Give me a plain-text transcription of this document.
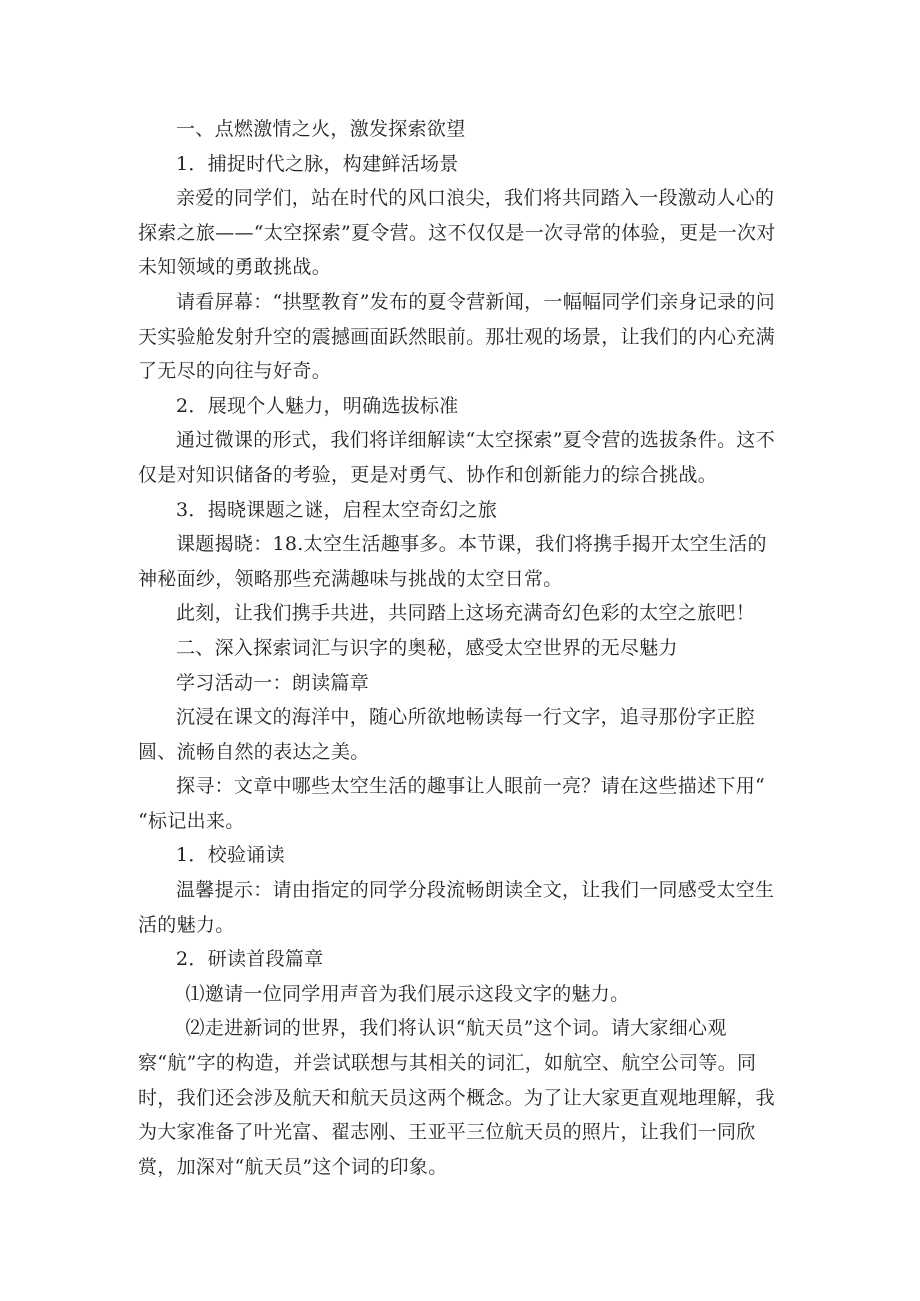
一、点燃激情之火，激发探索欲望

1．捕捉时代之脉，构建鲜活场景

亲爱的同学们，站在时代的风口浪尖，我们将共同踏入一段激动人心的探索之旅——“太空探索”夏令营。这不仅仅是一次寻常的体验，更是一次对未知领域的勇敢挑战。

请看屏幕：“拱墅教育”发布的夏令营新闻，一幅幅同学们亲身记录的问天实验舱发射升空的震撼画面跃然眼前。那壮观的场景，让我们的内心充满了无尽的向往与好奇。

2．展现个人魅力，明确选拔标准

通过微课的形式，我们将详细解读“太空探索”夏令营的选拔条件。这不仅是对知识储备的考验，更是对勇气、协作和创新能力的综合挑战。

3．揭晓课题之谜，启程太空奇幻之旅

课题揭晓：18.太空生活趣事多。本节课，我们将携手揭开太空生活的神秘面纱，领略那些充满趣味与挑战的太空日常。

此刻，让我们携手共进，共同踏上这场充满奇幻色彩的太空之旅吧！

二、深入探索词汇与识字的奥秘，感受太空世界的无尽魅力

学习活动一：朗读篇章

沉浸在课文的海洋中，随心所欲地畅读每一行文字，追寻那份字正腔圆、流畅自然的表达之美。

探寻：文章中哪些太空生活的趣事让人眼前一亮？请在这些描述下用“ “标记出来。

1．校验诵读

温馨提示：请由指定的同学分段流畅朗读全文，让我们一同感受太空生活的魅力。

2．研读首段篇章

⑴邀请一位同学用声音为我们展示这段文字的魅力。

⑵走进新词的世界，我们将认识“航天员”这个词。请大家细心观察“航”字的构造，并尝试联想与其相关的词汇，如航空、航空公司等。同时，我们还会涉及航天和航天员这两个概念。为了让大家更直观地理解，我为大家准备了叶光富、翟志刚、王亚平三位航天员的照片，让我们一同欣赏，加深对“航天员”这个词的印象。
